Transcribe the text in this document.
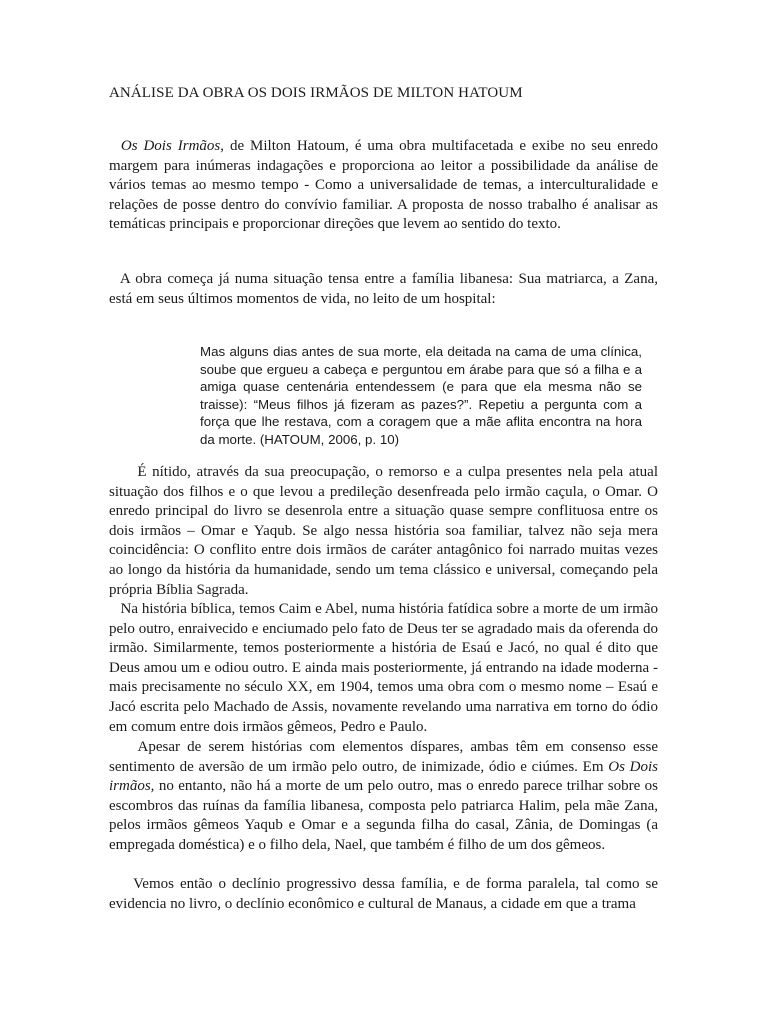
ANÁLISE DA OBRA OS DOIS IRMÃOS DE MILTON HATOUM

Os Dois Irmãos, de Milton Hatoum, é uma obra multifacetada e exibe no seu enredo margem para inúmeras indagações e proporciona ao leitor a possibilidade da análise de vários temas ao mesmo tempo - Como a universalidade de temas, a interculturalidade e relações de posse dentro do convívio familiar. A proposta de nosso trabalho é analisar as temáticas principais e proporcionar direções que levem ao sentido do texto.

A obra começa já numa situação tensa entre a família libanesa: Sua matriarca, a Zana, está em seus últimos momentos de vida, no leito de um hospital:

Mas alguns dias antes de sua morte, ela deitada na cama de uma clínica, soube que ergueu a cabeça e perguntou em árabe para que só a filha e a amiga quase centenária entendessem (e para que ela mesma não se traisse): “Meus filhos já fizeram as pazes?”. Repetiu a pergunta com a força que lhe restava, com a coragem que a mãe aflita encontra na hora da morte. (HATOUM, 2006, p. 10)

É nítido, através da sua preocupação, o remorso e a culpa presentes nela pela atual situação dos filhos e o que levou a predileção desenfreada pelo irmão caçula, o Omar. O enredo principal do livro se desenrola entre a situação quase sempre conflituosa entre os dois irmãos – Omar e Yaqub. Se algo nessa história soa familiar, talvez não seja mera coincidência: O conflito entre dois irmãos de caráter antagônico foi narrado muitas vezes ao longo da história da humanidade, sendo um tema clássico e universal, começando pela própria Bíblia Sagrada.

Na história bíblica, temos Caim e Abel, numa história fatídica sobre a morte de um irmão pelo outro, enraivecido e enciumado pelo fato de Deus ter se agradado mais da oferenda do irmão. Similarmente, temos posteriormente a história de Esaú e Jacó, no qual é dito que Deus amou um e odiou outro. E ainda mais posteriormente, já entrando na idade moderna - mais precisamente no século XX, em 1904, temos uma obra com o mesmo nome – Esaú e Jacó escrita pelo Machado de Assis, novamente revelando uma narrativa em torno do ódio em comum entre dois irmãos gêmeos, Pedro e Paulo.

Apesar de serem histórias com elementos díspares, ambas têm em consenso esse sentimento de aversão de um irmão pelo outro, de inimizade, ódio e ciúmes. Em Os Dois irmãos, no entanto, não há a morte de um pelo outro, mas o enredo parece trilhar sobre os escombros das ruínas da família libanesa, composta pelo patriarca Halim, pela mãe Zana, pelos irmãos gêmeos Yaqub e Omar e a segunda filha do casal, Zânia, de Domingas (a empregada doméstica) e o filho dela, Nael, que também é filho de um dos gêmeos.

Vemos então o declínio progressivo dessa família, e de forma paralela, tal como se evidencia no livro, o declínio econômico e cultural de Manaus, a cidade em que a trama
